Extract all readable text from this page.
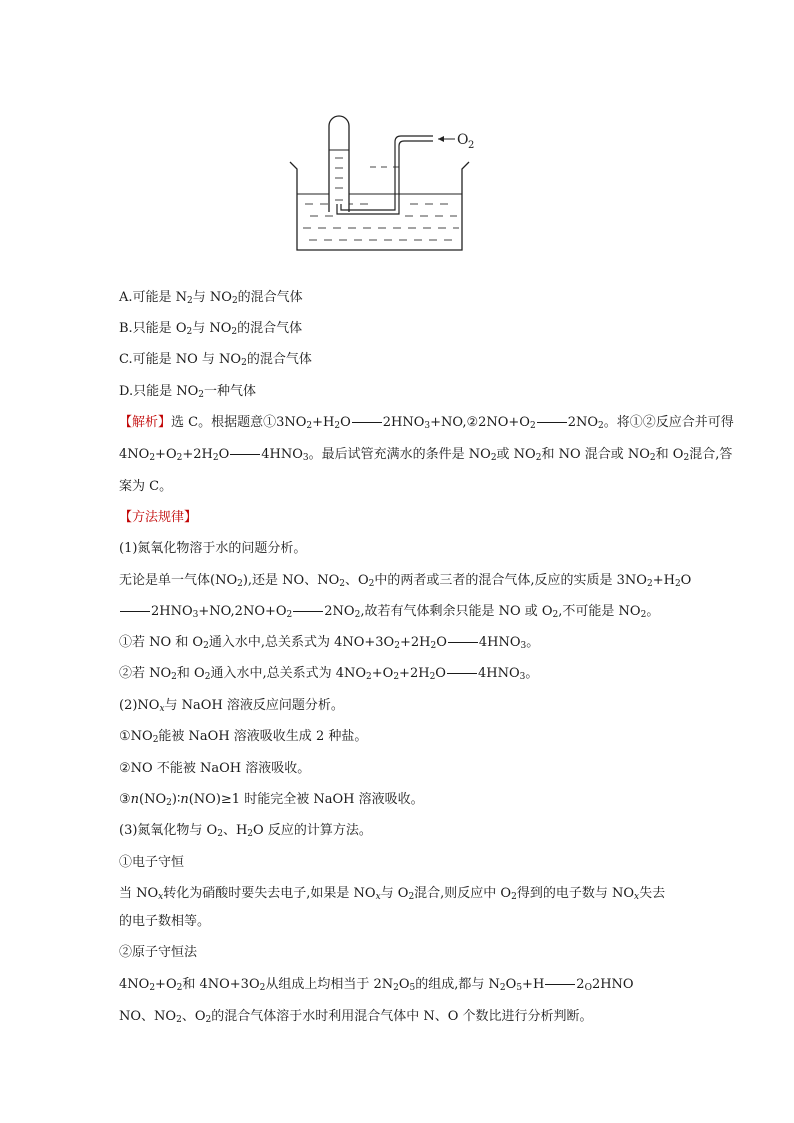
O 2
A.可能是 $N_2$与 $NO_2$的混合气体
B.只能是 $O_2$与 $NO_2$的混合气体
C.可能是 NO 与 $NO_2$的混合气体
D.只能是 $NO_2$一种气体
【解析】选 C。根据题意$①3NO_2+H_2O$ $2HNO_3+NO,②2NO+O_2$ $2NO_2$。将①②反应合并可得
$4NO_2+O_2+2H_2O$ $4HNO_3$。最后试管充满水的条件是 $NO_2$或 $NO_2$和 NO 混合或 $NO_2$和 $O_2$混合,答
案为 C。
【方法规律】
(1)氮氧化物溶于水的问题分析。
无论是单一气体$(NO_2)$,还是 NO、$NO_2$、$O_2$中的两者或三者的混合气体,反应的实质是 $3NO_2+H_2O$
$2HNO_3+NO,2NO+O_2$ $2NO_2$,故若有气体剩余只能是 NO 或 $O_2$,不可能是 $NO_2$。
①若 NO 和 $O_2$通入水中,总关系式为 $4NO+3O_2+2H_2O$ $4HNO_3$。
②若 $NO_2$和 $O_2$通入水中,总关系式为 $4NO_2+O_2+2H_2O$ $4HNO_3$。
$(2)NO_x$与 NaOH 溶液反应问题分析。
$①NO_2$能被 NaOH 溶液吸收生成 2 种盐。
②NO 不能被 NaOH 溶液吸收。
$③n(NO_2)∶n(NO)\ge 1$ 时能完全被 NaOH 溶液吸收。
(3)氮氧化物与 $O_2$、$H_2O$ 反应的计算方法。
①电子守恒
当 $NO_x$转化为硝酸时要失去电子,如果是 $NO_x$与 $O_2$混合,则反应中 $O_2$得到的电子数与 $NO_x$失去
的电子数相等。
②原子守恒法
$4NO_2+O_2$和 $4NO+3O_2$从组成上均相当于 $2N_2O_5$的组成,都与 $N_2O_5+H$ $2_O2HNO$
NO、$NO_2$、$O_2$的混合气体溶于水时利用混合气体中 N、O 个数比进行分析判断。
